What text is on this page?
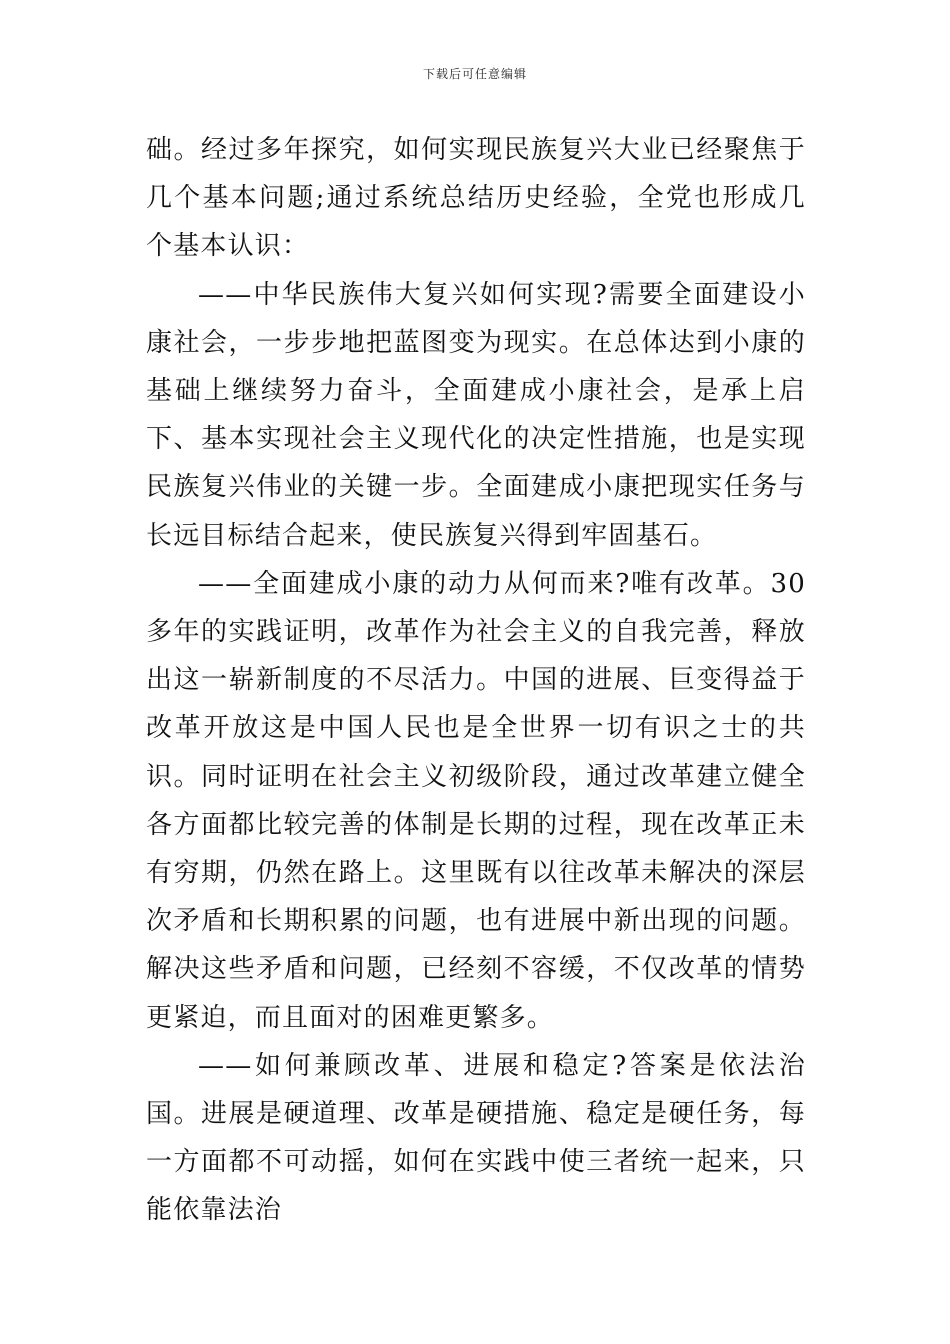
下载后可任意编辑

础。经过多年探究，如何实现民族复兴大业已经聚焦于几个基本问题;通过系统总结历史经验，全党也形成几个基本认识：

——中华民族伟大复兴如何实现?需要全面建设小康社会，一步步地把蓝图变为现实。在总体达到小康的基础上继续努力奋斗，全面建成小康社会，是承上启下、基本实现社会主义现代化的决定性措施，也是实现民族复兴伟业的关键一步。全面建成小康把现实任务与长远目标结合起来，使民族复兴得到牢固基石。

——全面建成小康的动力从何而来?唯有改革。30多年的实践证明，改革作为社会主义的自我完善，释放出这一崭新制度的不尽活力。中国的进展、巨变得益于改革开放这是中国人民也是全世界一切有识之士的共识。同时证明在社会主义初级阶段，通过改革建立健全各方面都比较完善的体制是长期的过程，现在改革正未有穷期，仍然在路上。这里既有以往改革未解决的深层次矛盾和长期积累的问题，也有进展中新出现的问题。解决这些矛盾和问题，已经刻不容缓，不仅改革的情势更紧迫，而且面对的困难更繁多。

——如何兼顾改革、进展和稳定?答案是依法治国。进展是硬道理、改革是硬措施、稳定是硬任务，每一方面都不可动摇，如何在实践中使三者统一起来，只能依靠法治
